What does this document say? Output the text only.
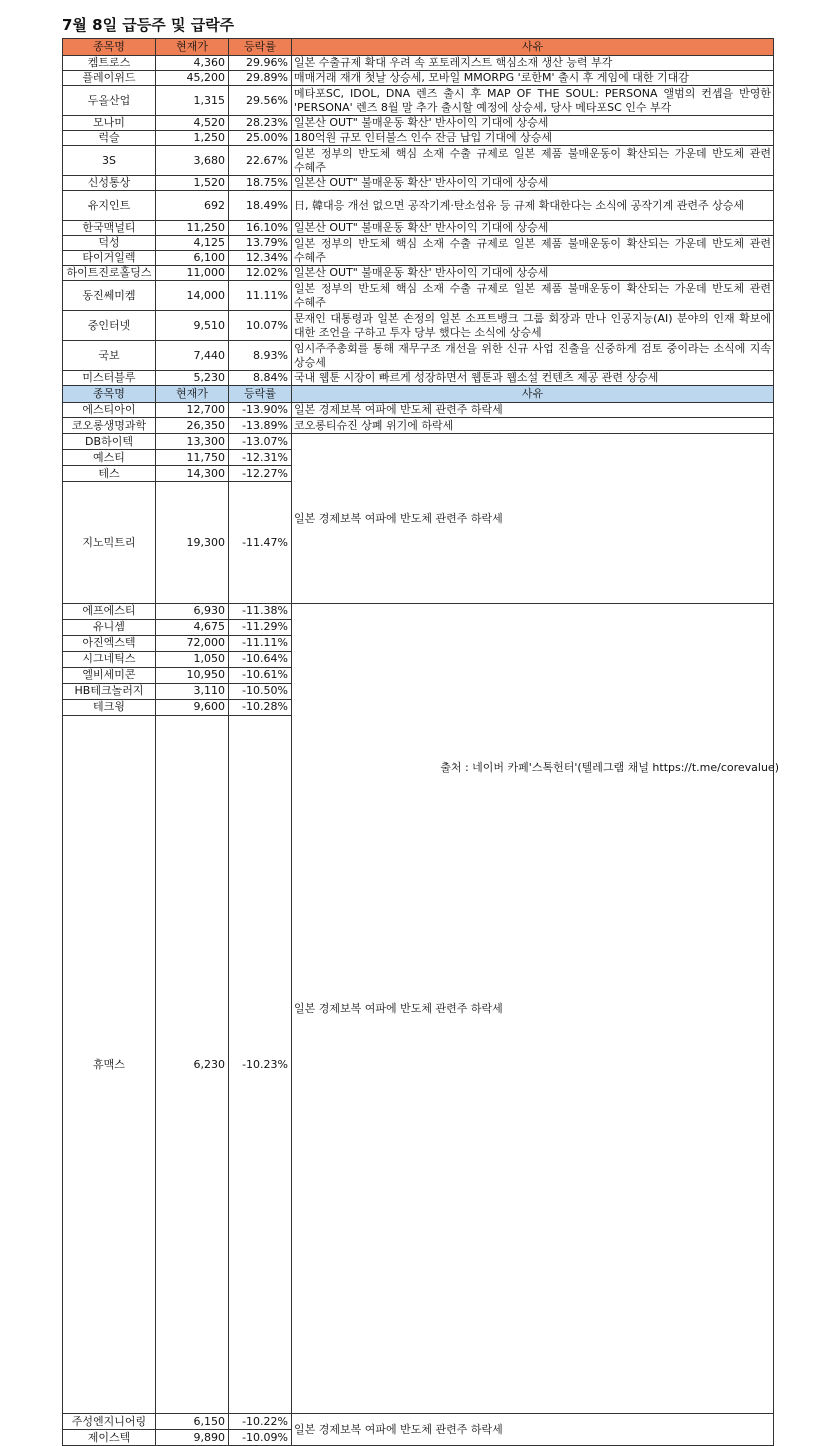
7월 8일 급등주 및 급락주
종목명	현재가	등락률	사유	
켐트로스	4,360	29.96%	일본 수출규제 확대 우려 속 포토레지스트 핵심소재 생산 능력 부각	
플레이위드	45,200	29.89%	매매거래 재개 첫날 상승세, 모바일 MMORPG '로한M' 출시 후 게임에 대한 기대감	
두올산업	1,315	29.56%	메타포SC, IDOL, DNA 렌즈 출시 후 MAP OF THE SOUL: PERSONA 앨범의 컨셉을 반영한 'PERSONA' 렌즈 8월 말 추가 출시할 예정에 상승세, 당사 메타포SC 인수 부각	
모나미	4,520	28.23%	일본산 OUT" 불매운동 확산' 반사이익 기대에 상승세	
럭슬	1,250	25.00%	180억원 규모 인터불스 인수 잔금 납입 기대에 상승세	
3S	3,680	22.67%	일본 정부의 반도체 핵심 소재 수출 규제로 일본 제품 불매운동이 확산되는 가운데 반도체 관련 수혜주	
신성통상	1,520	18.75%	일본산 OUT" 불매운동 확산' 반사이익 기대에 상승세	
유지인트	692	18.49%	日, 韓대응 개선 없으면 공작기계·탄소섬유 등 규제 확대한다는 소식에 공작기계 관련주 상승세	
한국맥널티	11,250	16.10%	일본산 OUT" 불매운동 확산' 반사이익 기대에 상승세	
덕성	4,125	13.79%	일본 정부의 반도체 핵심 소재 수출 규제로 일본 제품 불매운동이 확산되는 가운데 반도체 관련 수혜주	
타이거일렉	6,100	12.34%		
하이트진로홀딩스	11,000	12.02%	일본산 OUT" 불매운동 확산' 반사이익 기대에 상승세	
동진쎄미켐	14,000	11.11%	일본 정부의 반도체 핵심 소재 수출 규제로 일본 제품 불매운동이 확산되는 가운데 반도체 관련 수혜주	
중인터넷	9,510	10.07%	문재인 대통령과 일본 손정의 일본 소프트뱅크 그룹 회장과 만나 인공지능(AI) 분야의 인재 확보에 대한 조언을 구하고 투자 당부 했다는 소식에 상승세	
국보	7,440	8.93%	임시주주총회를 통해 재무구조 개선을 위한 신규 사업 진출을 신중하게 검토 중이라는 소식에 지속 상승세	
미스터블루	5,230	8.84%	국내 웹툰 시장이 빠르게 성장하면서 웹툰과 웹소설 컨텐츠 제공 관련 상승세	
종목명	현재가	등락률	사유	
에스티아이	12,700	-13.90%	일본 경제보복 여파에 반도체 관련주 하락세	
코오롱생명과학	26,350	-13.89%	코오롱티슈진 상폐 위기에 하락세	
DB하이텍	13,300	-13.07%	일본 경제보복 여파에 반도체 관련주 하락세	
예스티	11,750	-12.31%		
테스	14,300	-12.27%		
지노믹트리	19,300	-11.47%	
에프에스티	6,930	-11.38%	일본 경제보복 여파에 반도체 관련주 하락세	
유니셈	4,675	-11.29%		
아진엑스텍	72,000	-11.11%		
시그네틱스	1,050	-10.64%		
엘비세미콘	10,950	-10.61%		
HB테크놀러지	3,110	-10.50%		
테크윙	9,600	-10.28%		
휴맥스	6,230	-10.23%	
주성엔지니어링	6,150	-10.22%	일본 경제보복 여파에 반도체 관련주 하락세	
제이스텍	9,890	-10.09%		
출처 : 네이버 카페'스톡헌터'(텔레그램 채널 https://t.me/corevalue)
